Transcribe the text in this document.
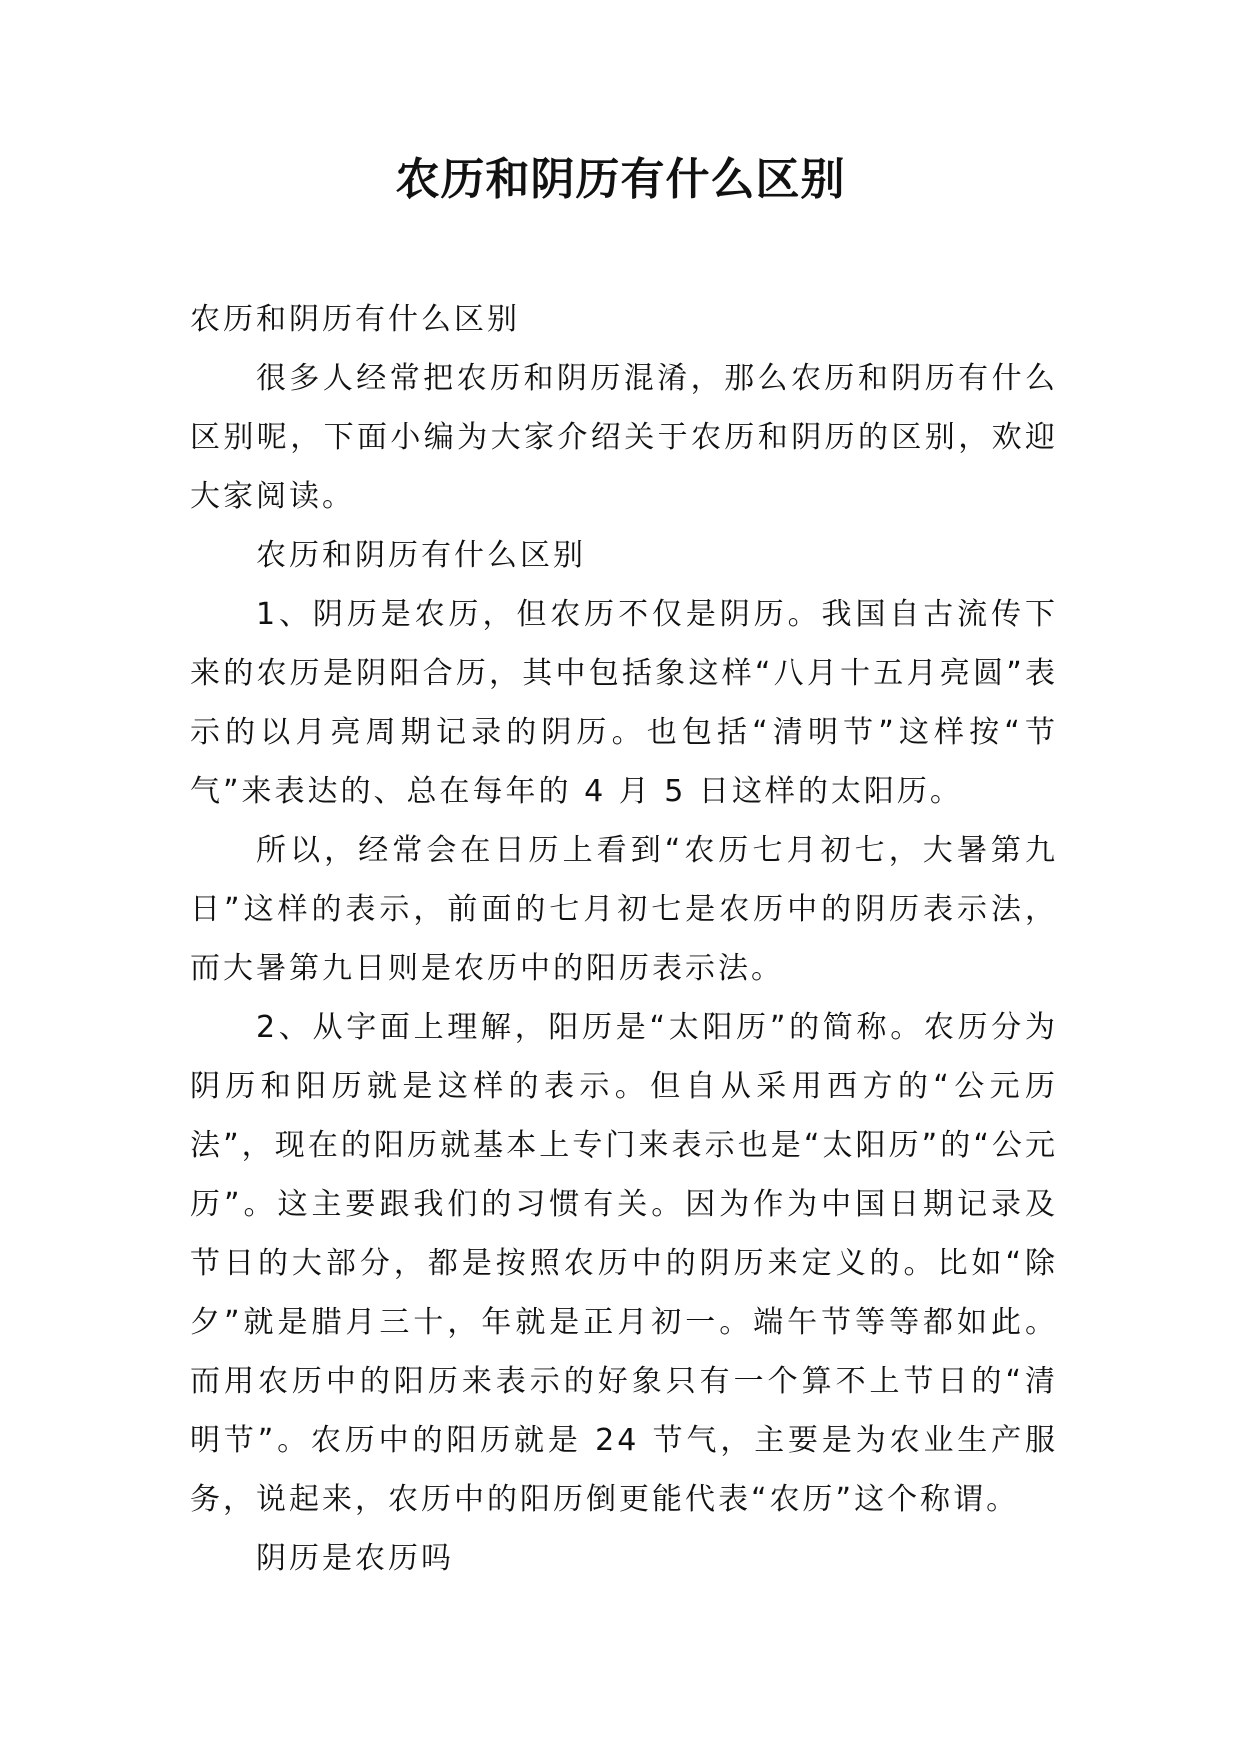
农历和阴历有什么区别

农历和阴历有什么区别

很多人经常把农历和阴历混淆，那么农历和阴历有什么区别呢，下面小编为大家介绍关于农历和阴历的区别，欢迎大家阅读。

农历和阴历有什么区别

1、阴历是农历，但农历不仅是阴历。我国自古流传下来的农历是阴阳合历，其中包括象这样“八月十五月亮圆”表示的以月亮周期记录的阴历。也包括“清明节”这样按“节气”来表达的、总在每年的 4 月 5 日这样的太阳历。

所以，经常会在日历上看到“农历七月初七，大暑第九日”这样的表示，前面的七月初七是农历中的阴历表示法，而大暑第九日则是农历中的阳历表示法。

2、从字面上理解，阳历是“太阳历”的简称。农历分为阴历和阳历就是这样的表示。但自从采用西方的“公元历法”，现在的阳历就基本上专门来表示也是“太阳历”的“公元历”。这主要跟我们的习惯有关。因为作为中国日期记录及节日的大部分，都是按照农历中的阴历来定义的。比如“除夕”就是腊月三十，年就是正月初一。端午节等等都如此。而用农历中的阳历来表示的好象只有一个算不上节日的“清明节”。农历中的阳历就是 24 节气，主要是为农业生产服务，说起来，农历中的阳历倒更能代表“农历”这个称谓。

阴历是农历吗
